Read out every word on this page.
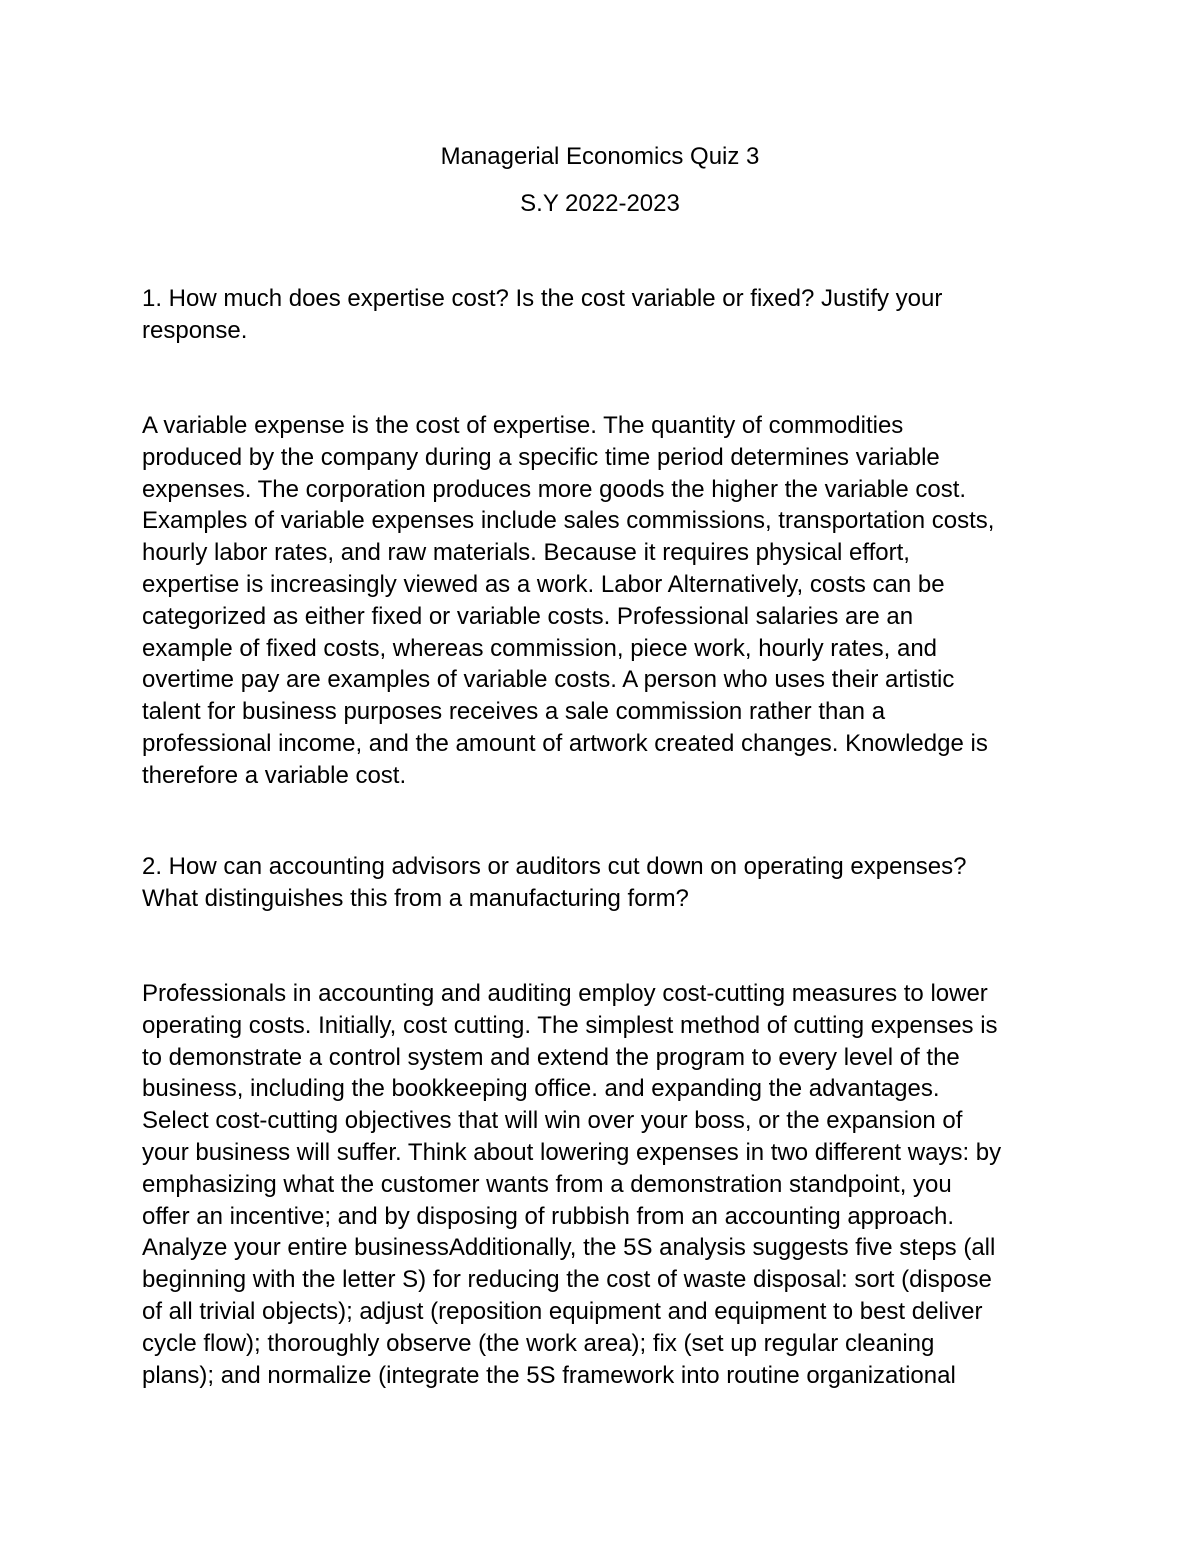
Managerial Economics Quiz 3
S.Y 2022-2023
1. How much does expertise cost? Is the cost variable or fixed? Justify your
response.
A variable expense is the cost of expertise. The quantity of commodities
produced by the company during a specific time period determines variable
expenses. The corporation produces more goods the higher the variable cost.
Examples of variable expenses include sales commissions, transportation costs,
hourly labor rates, and raw materials. Because it requires physical effort,
expertise is increasingly viewed as a work. Labor Alternatively, costs can be
categorized as either fixed or variable costs. Professional salaries are an
example of fixed costs, whereas commission, piece work, hourly rates, and
overtime pay are examples of variable costs. A person who uses their artistic
talent for business purposes receives a sale commission rather than a
professional income, and the amount of artwork created changes. Knowledge is
therefore a variable cost.
2. How can accounting advisors or auditors cut down on operating expenses?
What distinguishes this from a manufacturing form?
Professionals in accounting and auditing employ cost-cutting measures to lower
operating costs. Initially, cost cutting. The simplest method of cutting expenses is
to demonstrate a control system and extend the program to every level of the
business, including the bookkeeping office. and expanding the advantages.
Select cost-cutting objectives that will win over your boss, or the expansion of
your business will suffer. Think about lowering expenses in two different ways: by
emphasizing what the customer wants from a demonstration standpoint, you
offer an incentive; and by disposing of rubbish from an accounting approach.
Analyze your entire businessAdditionally, the 5S analysis suggests five steps (all
beginning with the letter S) for reducing the cost of waste disposal: sort (dispose
of all trivial objects); adjust (reposition equipment and equipment to best deliver
cycle flow); thoroughly observe (the work area); fix (set up regular cleaning
plans); and normalize (integrate the 5S framework into routine organizational
